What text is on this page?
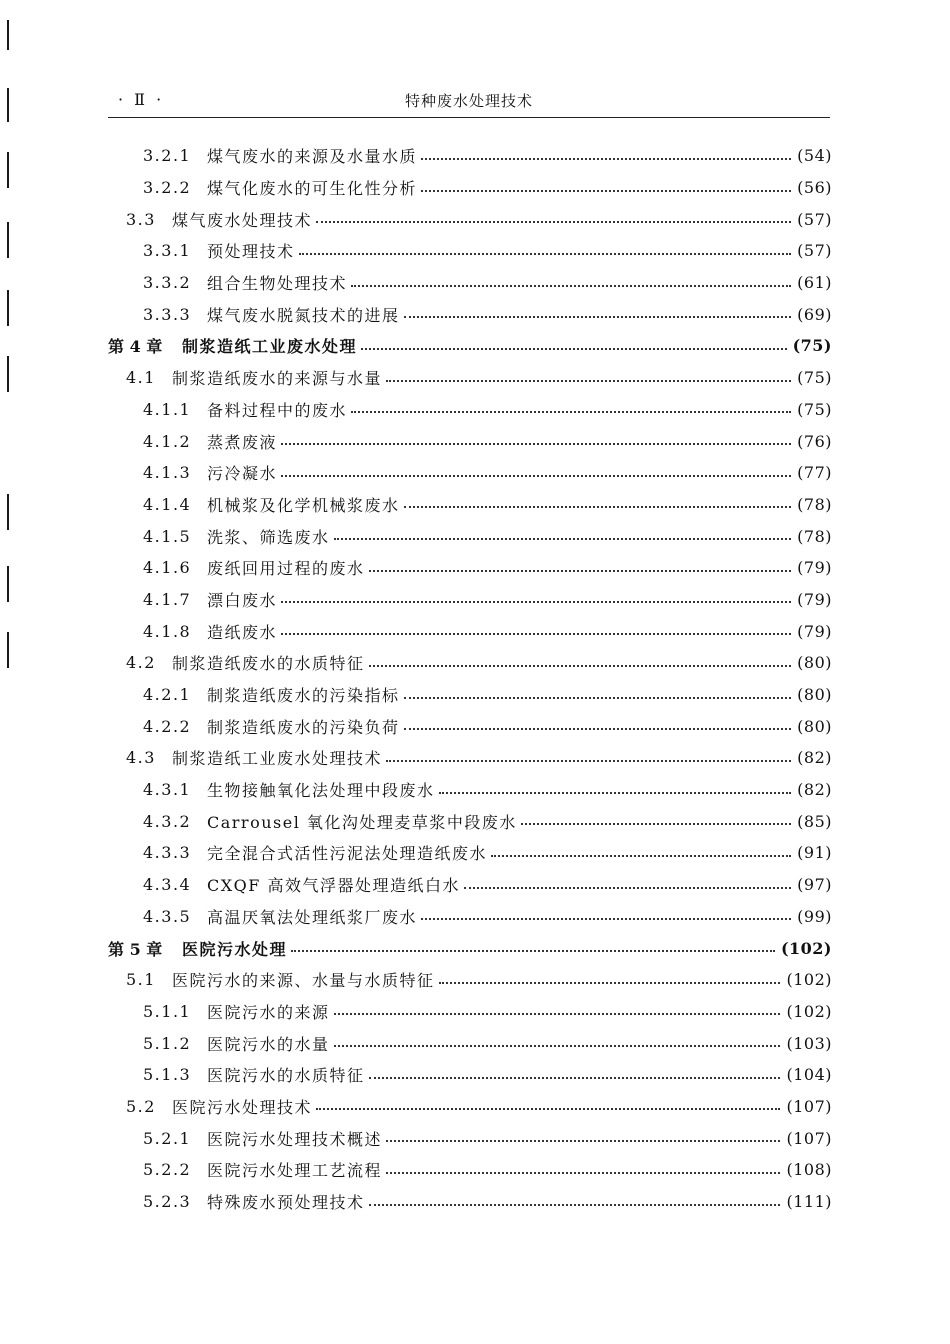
· Ⅱ ·	特种废水处理技术
3.2.1 煤气废水的来源及水量水质	(54)
3.2.2 煤气化废水的可生化性分析	(56)
3.3	煤气废水处理技术	(57)
3.3.1 预处理技术	(57)
3.3.2 组合生物处理技术	(61)
3.3.3 煤气废水脱氮技术的进展	(69)
第 4 章	制浆造纸工业废水处理	(75)
4.1	制浆造纸废水的来源与水量	(75)
4.1.1 备料过程中的废水	(75)
4.1.2 蒸煮废液	(76)
4.1.3 污冷凝水	(77)
4.1.4 机械浆及化学机械浆废水	(78)
4.1.5 洗浆、筛选废水	(78)
4.1.6 废纸回用过程的废水	(79)
4.1.7 漂白废水	(79)
4.1.8 造纸废水	(79)
4.2	制浆造纸废水的水质特征	(80)
4.2.1 制浆造纸废水的污染指标	(80)
4.2.2 制浆造纸废水的污染负荷	(80)
4.3	制浆造纸工业废水处理技术	(82)
4.3.1 生物接触氧化法处理中段废水	(82)
4.3.2 Carrousel 氧化沟处理麦草浆中段废水	(85)
4.3.3 完全混合式活性污泥法处理造纸废水	(91)
4.3.4 CXQF 高效气浮器处理造纸白水	(97)
4.3.5 高温厌氧法处理纸浆厂废水	(99)
第 5 章	医院污水处理	(102)
5.1	医院污水的来源、水量与水质特征	(102)
5.1.1 医院污水的来源	(102)
5.1.2 医院污水的水量	(103)
5.1.3 医院污水的水质特征	(104)
5.2	医院污水处理技术	(107)
5.2.1 医院污水处理技术概述	(107)
5.2.2 医院污水处理工艺流程	(108)
5.2.3 特殊废水预处理技术	(111)
